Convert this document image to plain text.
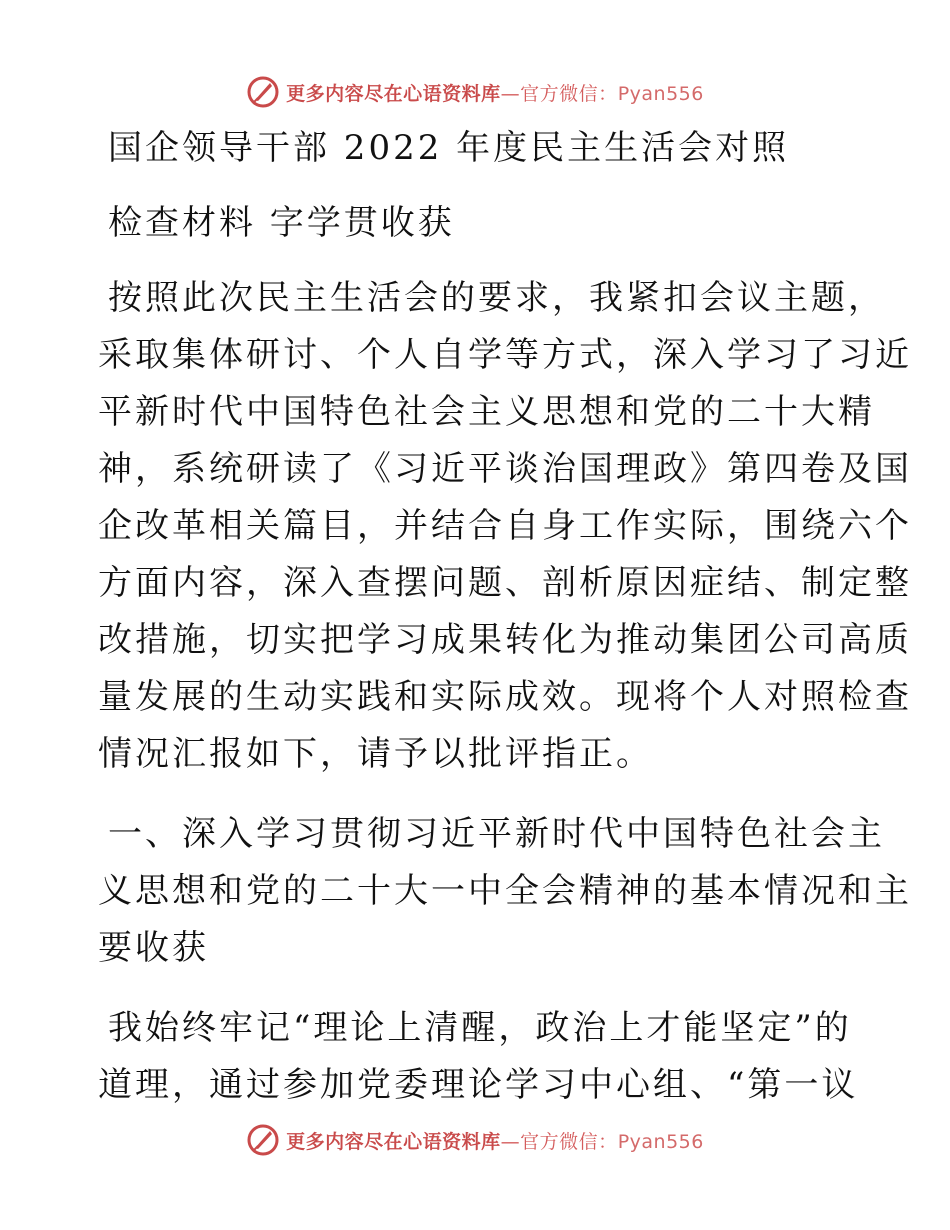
更多内容尽在心语资料库—官方微信：Pyan556
国企领导干部 2022 年度民主生活会对照
检查材料 字学贯收获
按照此次民主生活会的要求，我紧扣会议主题，
采取集体研讨、个人自学等方式，深入学习了习近
平新时代中国特色社会主义思想和党的二十大精
神，系统研读了《习近平谈治国理政》第四卷及国
企改革相关篇目，并结合自身工作实际，围绕六个
方面内容，深入查摆问题、剖析原因症结、制定整
改措施，切实把学习成果转化为推动集团公司高质
量发展的生动实践和实际成效。现将个人对照检查
情况汇报如下，请予以批评指正。
一、深入学习贯彻习近平新时代中国特色社会主
义思想和党的二十大一中全会精神的基本情况和主
要收获
我始终牢记“理论上清醒，政治上才能坚定”的
道理，通过参加党委理论学习中心组、“第一议
更多内容尽在心语资料库—官方微信：Pyan556
